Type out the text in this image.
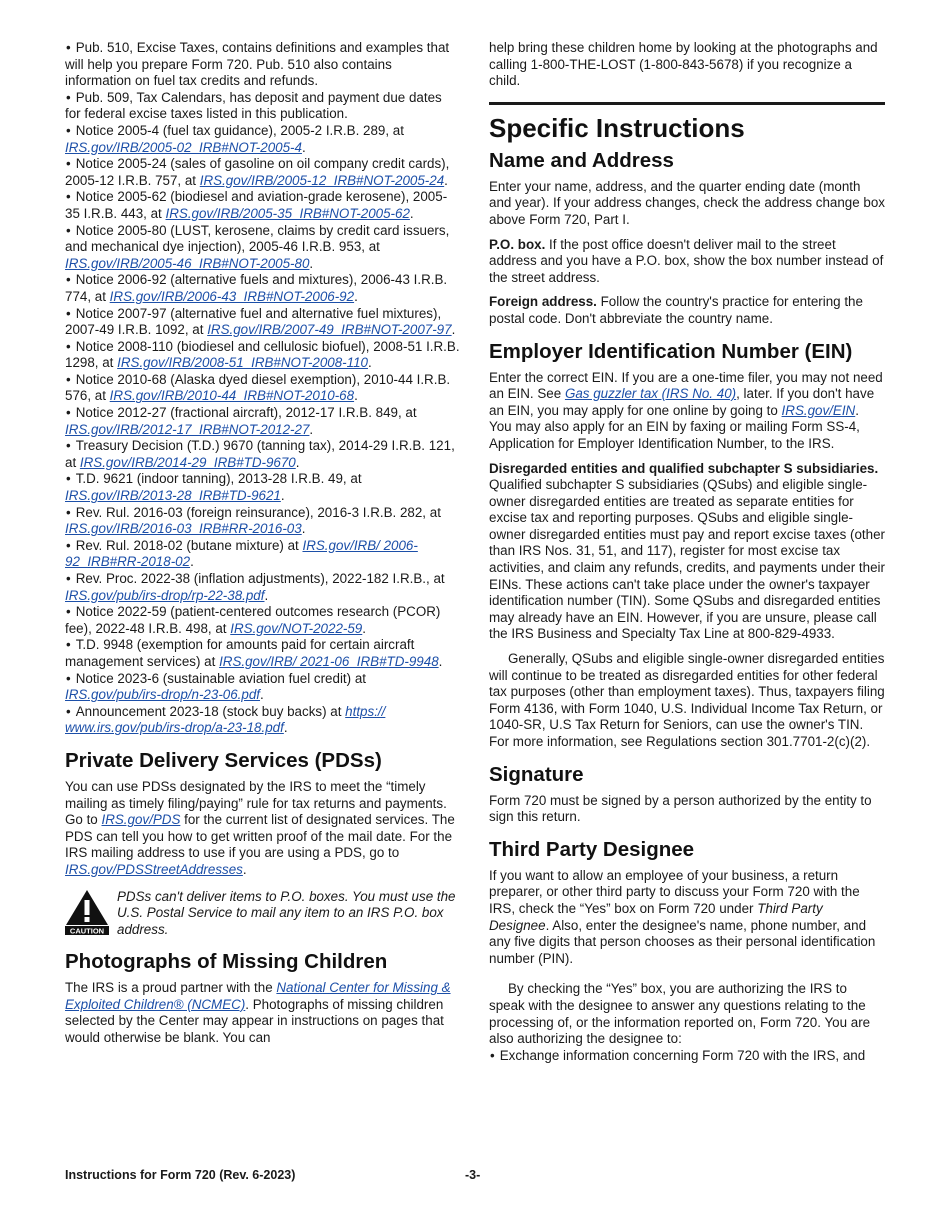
• Pub. 510, Excise Taxes, contains definitions and examples that will help you prepare Form 720. Pub. 510 also contains information on fuel tax credits and refunds.

• Pub. 509, Tax Calendars, has deposit and payment due dates for federal excise taxes listed in this publication.

• Notice 2005-4 (fuel tax guidance), 2005-2 I.R.B. 289, at IRS.gov/IRB/2005-02_IRB#NOT-2005-4.

• Notice 2005-24 (sales of gasoline on oil company credit cards), 2005-12 I.R.B. 757, at IRS.gov/IRB/2005-12_IRB#NOT-2005-24.

• Notice 2005-62 (biodiesel and aviation-grade kerosene), 2005-35 I.R.B. 443, at IRS.gov/IRB/2005-35_IRB#NOT-2005-62.

• Notice 2005-80 (LUST, kerosene, claims by credit card issuers, and mechanical dye injection), 2005-46 I.R.B. 953, at IRS.gov/IRB/2005-46_IRB#NOT-2005-80.

• Notice 2006-92 (alternative fuels and mixtures), 2006-43 I.R.B. 774, at IRS.gov/IRB/2006-43_IRB#NOT-2006-92.

• Notice 2007-97 (alternative fuel and alternative fuel mixtures), 2007-49 I.R.B. 1092, at IRS.gov/IRB/2007-49_IRB#NOT-2007-97.

• Notice 2008-110 (biodiesel and cellulosic biofuel), 2008-51 I.R.B. 1298, at IRS.gov/IRB/2008-51_IRB#NOT-2008-110.

• Notice 2010-68 (Alaska dyed diesel exemption), 2010-44 I.R.B. 576, at IRS.gov/IRB/2010-44_IRB#NOT-2010-68.

• Notice 2012-27 (fractional aircraft), 2012-17 I.R.B. 849, at IRS.gov/IRB/2012-17_IRB#NOT-2012-27.

• Treasury Decision (T.D.) 9670 (tanning tax), 2014-29 I.R.B. 121, at IRS.gov/IRB/2014-29_IRB#TD-9670.

• T.D. 9621 (indoor tanning), 2013-28 I.R.B. 49, at IRS.gov/IRB/2013-28_IRB#TD-9621.

• Rev. Rul. 2016-03 (foreign reinsurance), 2016-3 I.R.B. 282, at IRS.gov/IRB/2016-03_IRB#RR-2016-03.

• Rev. Rul. 2018-02 (butane mixture) at IRS.gov/IRB/ 2006-92_IRB#RR-2018-02.

• Rev. Proc. 2022-38 (inflation adjustments), 2022-182 I.R.B., at IRS.gov/pub/irs-drop/rp-22-38.pdf.

• Notice 2022-59 (patient-centered outcomes research (PCOR) fee), 2022-48 I.R.B. 498, at IRS.gov/NOT-2022-59.

• T.D. 9948 (exemption for amounts paid for certain aircraft management services) at IRS.gov/IRB/ 2021-06_IRB#TD-9948.

• Notice 2023-6 (sustainable aviation fuel credit) at IRS.gov/pub/irs-drop/n-23-06.pdf.

• Announcement 2023-18 (stock buy backs) at https:// www.irs.gov/pub/irs-drop/a-23-18.pdf.

Private Delivery Services (PDSs)

You can use PDSs designated by the IRS to meet the “timely mailing as timely filing/paying” rule for tax returns and payments. Go to IRS.gov/PDS for the current list of designated services. The PDS can tell you how to get written proof of the mail date. For the IRS mailing address to use if you are using a PDS, go to IRS.gov/PDSStreetAddresses.

CAUTION
PDSs can't deliver items to P.O. boxes. You must use the U.S. Postal Service to mail any item to an IRS P.O. box address.
Photographs of Missing Children

The IRS is a proud partner with the National Center for Missing & Exploited Children® (NCMEC). Photographs of missing children selected by the Center may appear in instructions on pages that would otherwise be blank. You can

help bring these children home by looking at the photographs and calling 1-800-THE-LOST (1-800-843-5678) if you recognize a child.

Specific Instructions
Name and Address

Enter your name, address, and the quarter ending date (month and year). If your address changes, check the address change box above Form 720, Part I.

P.O. box. If the post office doesn't deliver mail to the street address and you have a P.O. box, show the box number instead of the street address.

Foreign address. Follow the country's practice for entering the postal code. Don't abbreviate the country name.

Employer Identification Number (EIN)

Enter the correct EIN. If you are a one-time filer, you may not need an EIN. See Gas guzzler tax (IRS No. 40), later. If you don't have an EIN, you may apply for one online by going to IRS.gov/EIN. You may also apply for an EIN by faxing or mailing Form SS-4, Application for Employer Identification Number, to the IRS.

Disregarded entities and qualified subchapter S subsidiaries. Qualified subchapter S subsidiaries (QSubs) and eligible single-owner disregarded entities are treated as separate entities for excise tax and reporting purposes. QSubs and eligible single-owner disregarded entities must pay and report excise taxes (other than IRS Nos. 31, 51, and 117), register for most excise tax activities, and claim any refunds, credits, and payments under their EINs. These actions can't take place under the owner's taxpayer identification number (TIN). Some QSubs and disregarded entities may already have an EIN. However, if you are unsure, please call the IRS Business and Specialty Tax Line at 800-829-4933.

Generally, QSubs and eligible single-owner disregarded entities will continue to be treated as disregarded entities for other federal tax purposes (other than employment taxes). Thus, taxpayers filing Form 4136, with Form 1040, U.S. Individual Income Tax Return, or 1040-SR, U.S Tax Return for Seniors, can use the owner's TIN. For more information, see Regulations section 301.7701-2(c)(2).

Signature

Form 720 must be signed by a person authorized by the entity to sign this return.

Third Party Designee

If you want to allow an employee of your business, a return preparer, or other third party to discuss your Form 720 with the IRS, check the “Yes” box on Form 720 under Third Party Designee. Also, enter the designee's name, phone number, and any five digits that person chooses as their personal identification number (PIN).

By checking the “Yes” box, you are authorizing the IRS to speak with the designee to answer any questions relating to the processing of, or the information reported on, Form 720. You are also authorizing the designee to:

• Exchange information concerning Form 720 with the IRS, and

Instructions for Form 720 (Rev. 6-2023)	-3-
